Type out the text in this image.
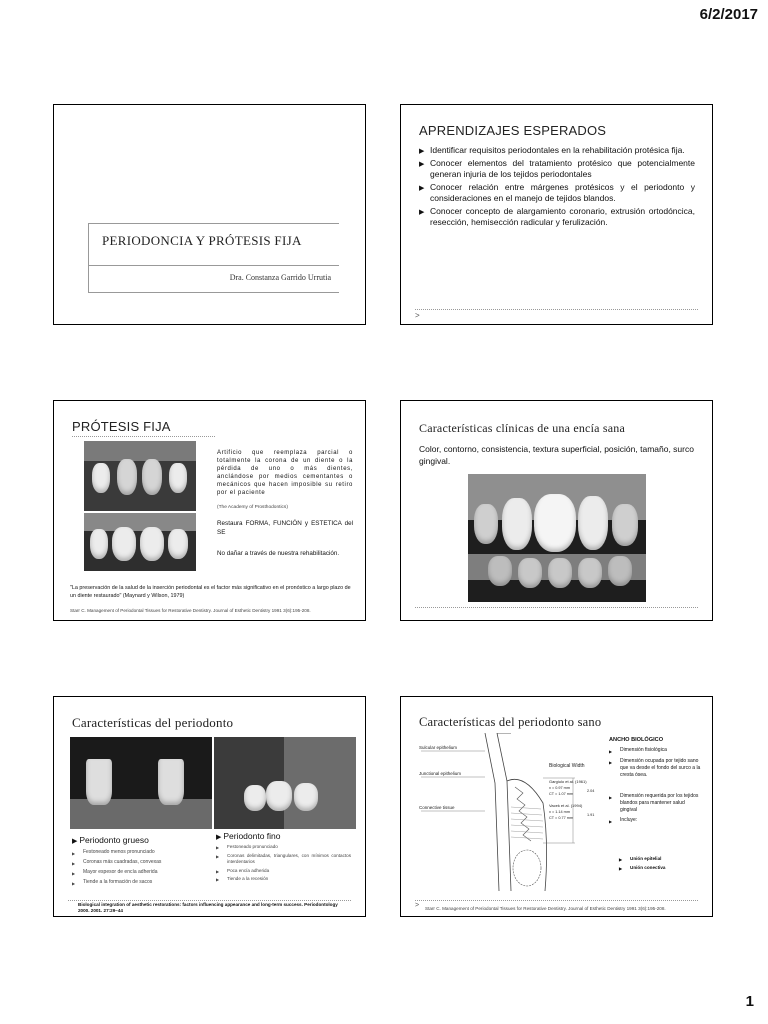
6/2/2017
PERIODONCIA Y PRÓTESIS FIJA
Dra. Constanza Garrido Urrutia
APRENDIZAJES ESPERADOS
▶ Identificar requisitos periodontales en la rehabilitación protésica fija.
▶ Conocer elementos del tratamiento protésico que potencialmente generan injuria de los tejidos periodontales
▶ Conocer relación entre márgenes protésicos y el periodonto y consideraciones en el manejo de tejidos blandos.
▶ Conocer concepto de alargamiento coronario, extrusión ortodóncica, resección, hemisección radicular y ferulización.
>
PRÓTESIS FIJA
Artificio que reemplaza parcial o totalmente la corona de un diente o la pérdida de uno o más dientes, anclándose por medios cementantes o mecánicos que hacen imposible su retiro por el paciente
(The Academy of Prosthodontics)
Restaura FORMA, FUNCIÓN y ESTETICA del SE
No dañar a través de nuestra rehabilitación.
"La preservación de la salud de la inserción periodontal es el factor más significativo en el pronóstico a largo plazo de un diente restaurado" (Maynard y Wilson, 1979)
Starr C. Management of Periodontal Tissues for Restorative Dentistry. Journal of Esthetic Dentistry 1991 3(6):195-208.
Características clínicas de una encía sana
Color, contorno, consistencia, textura superficial, posición, tamaño, surco gingival.
Características del periodonto
▶ Periodonto grueso
▶ Festoneado menos pronunciado
▶ Coronas más cuadradas, convexas
▶ Mayor espesor de encía adherida
▶ Tiende a la formación de sacos
▶ Periodonto fino
▶ Festoneado pronunciado
▶ Coronas delimitadas, triangulares, con mínimos contactos interdentarios
▶ Poca encía adherida
▶ Tiende a la recesión
Biological integration of aesthetic restorations: factors influencing appearance and long-term success. Periodontology 2000. 2001. 27:29–44
Características del periodonto sano
Sulcular epithelium
Junctional epithelium
Connective tissue
Biological Width
Gargiulo et al. (1961)
x = 0.97 mm
CT = 1.07 mm
2.04
Vacek et al. (1994)
x = 1.14 mm
CT = 0.77 mm
1.91
ANCHO BIOLÓGICO
▶ Dimensión fisiológica
▶ Dimensión ocupada por tejido sano que va desde el fondo del surco a la cresta ósea.
▶ Dimensión requerida por los tejidos blandos para mantener salud gingival
▶ Incluye:
▶ Unión epitelial
▶ Unión conectiva
> Starr C. Management of Periodontal Tissues for Restorative Dentistry. Journal of Esthetic Dentistry 1991 3(6):195-208.
1
